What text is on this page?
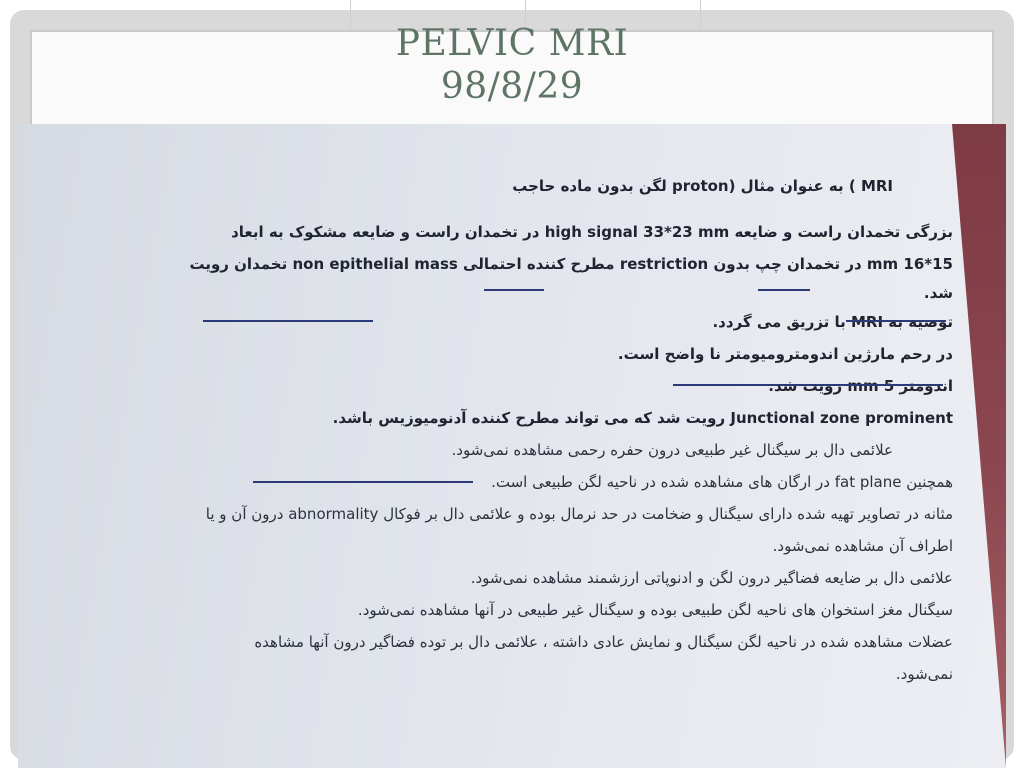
PELVIC MRI
98/8/29
MRI ) به عنوان مثال (proton لگن بدون ماده حاجب
بزرگی تخمدان راست و ضایعه high signal 33*23 mm در تخمدان راست و ضایعه مشکوک به ابعاد
15*16 mm در تخمدان چپ بدون restriction مطرح کننده احتمالی non epithelial mass تخمدان رویت
شد.
توصیه به MRI با تزریق می گردد.
در رحم مارژین اندومتروميومتر نا واضح است.
اندومتر 5 mm رویت شد.
Junctional zone prominent رویت شد که می تواند مطرح کننده آدنومیوزیس باشد.
علائمی دال بر سیگنال غیر طبیعی درون حفره رحمی مشاهده نمی‌شود.
همچنین fat plane در ارگان های مشاهده شده در ناحیه لگن طبیعی است.
مثانه در تصاویر تهیه شده دارای سیگنال و ضخامت در حد نرمال بوده و علائمی دال بر فوکال abnormality درون آن و یا
اطراف آن مشاهده نمی‌شود.
علائمی دال بر ضایعه فضاگیر درون لگن و ادنوپاتی ارزشمند مشاهده نمی‌شود.
سیگنال مغز استخوان های ناحیه لگن طبیعی بوده و سیگنال غیر طبیعی در آنها مشاهده نمی‌شود.
عضلات مشاهده شده در ناحیه لگن سیگنال و نمایش عادی داشته ، علائمی دال بر توده فضاگیر درون آنها مشاهده
نمی‌شود.
